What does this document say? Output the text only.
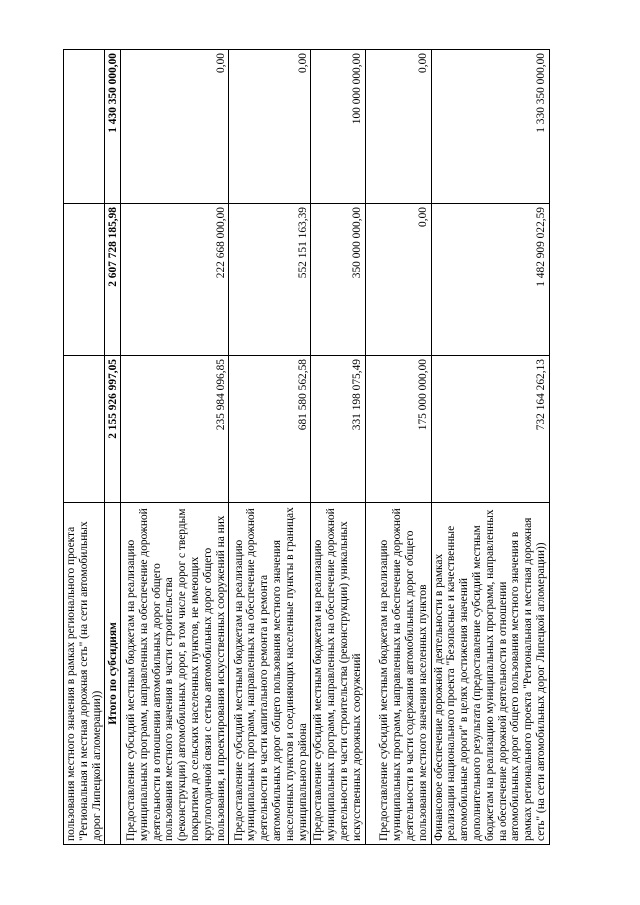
пользования местного значения в рамках регионального проекта "Региональная и местная дорожная сеть" (на сети автомобильных дорог Липецкой агломерации))			
Итого по субсидиям	2 155 926 997,05	2 607 728 185,98	1 430 350 000,00
Предоставление субсидий местным бюджетам на реализацию муниципальных программ, направленных на обеспечение дорожной деятельности в отношении автомобильных дорог общего пользования местного значения в части строительства (реконструкции) автомобильных дорог, в том числе дорог с твердым покрытием до сельских населенных пунктов, не имеющих круглогодичной связи с сетью автомобильных дорог общего пользования, и проектирования искусственных сооружений на них	235 984 096,85	222 668 000,00	0,00
Предоставление субсидий местным бюджетам на реализацию муниципальных программ, направленных на обеспечение дорожной деятельности в части капитального ремонта и ремонта автомобильных дорог общего пользования местного значения населенных пунктов и соединяющих населенные пункты в границах муниципального района	681 580 562,58	552 151 163,39	0,00
Предоставление субсидий местным бюджетам на реализацию муниципальных программ, направленных на обеспечение дорожной деятельности в части строительства (реконструкции) уникальных искусственных дорожных сооружений	331 198 075,49	350 000 000,00	100 000 000,00
Предоставление субсидий местным бюджетам на реализацию муниципальных программ, направленных на обеспечение дорожной деятельности в части содержания автомобильных дорог общего пользования местного значения населенных пунктов	175 000 000,00	0,00	0,00
Финансовое обеспечение дорожной деятельности в рамках реализации национального проекта "Безопасные и качественные автомобильные дороги" в целях достижения значений дополнительного результата (предоставление субсидий местным бюджетам на реализацию муниципальных программ, направленных на обеспечение дорожной деятельности в отношении автомобильных дорог общего пользования местного значения в рамках регионального проекта "Региональная и местная дорожная сеть" (на сети автомобильных дорог Липецкой агломерации))	732 164 262,13	1 482 909 022,59	1 330 350 000,00
